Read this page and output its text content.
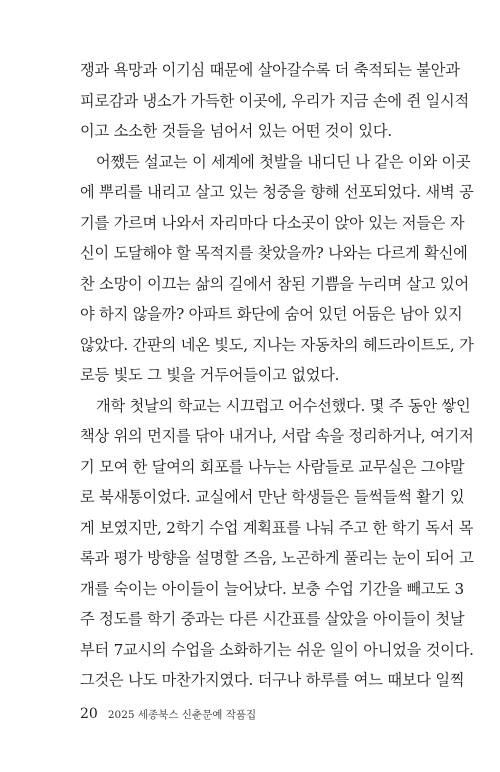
쟁과 욕망과 이기심 때문에 살아갈수록 더 축적되는 불안과
피로감과 냉소가 가득한 이곳에, 우리가 지금 손에 쥔 일시적
이고 소소한 것들을 넘어서 있는 어떤 것이 있다.
어쨌든 설교는 이 세계에 첫발을 내디딘 나 같은 이와 이곳
에 뿌리를 내리고 살고 있는 청중을 향해 선포되었다. 새벽 공
기를 가르며 나와서 자리마다 다소곳이 앉아 있는 저들은 자
신이 도달해야 할 목적지를 찾았을까? 나와는 다르게 확신에
찬 소망이 이끄는 삶의 길에서 참된 기쁨을 누리며 살고 있어
야 하지 않을까? 아파트 화단에 숨어 있던 어둠은 남아 있지
않았다. 간판의 네온 빛도, 지나는 자동차의 헤드라이트도, 가
로등 빛도 그 빛을 거두어들이고 없었다.
개학 첫날의 학교는 시끄럽고 어수선했다. 몇 주 동안 쌓인
책상 위의 먼지를 닦아 내거나, 서랍 속을 정리하거나, 여기저
기 모여 한 달여의 회포를 나누는 사람들로 교무실은 그야말
로 북새통이었다. 교실에서 만난 학생들은 들썩들썩 활기 있
게 보였지만, 2학기 수업 계획표를 나눠 주고 한 학기 독서 목
록과 평가 방향을 설명할 즈음, 노곤하게 풀리는 눈이 되어 고
개를 숙이는 아이들이 늘어났다. 보충 수업 기간을 빼고도 3
주 정도를 학기 중과는 다른 시간표를 살았을 아이들이 첫날
부터 7교시의 수업을 소화하기는 쉬운 일이 아니었을 것이다.
그것은 나도 마찬가지였다. 더구나 하루를 여느 때보다 일찍
20 2025 세종북스 신춘문예 작품집
